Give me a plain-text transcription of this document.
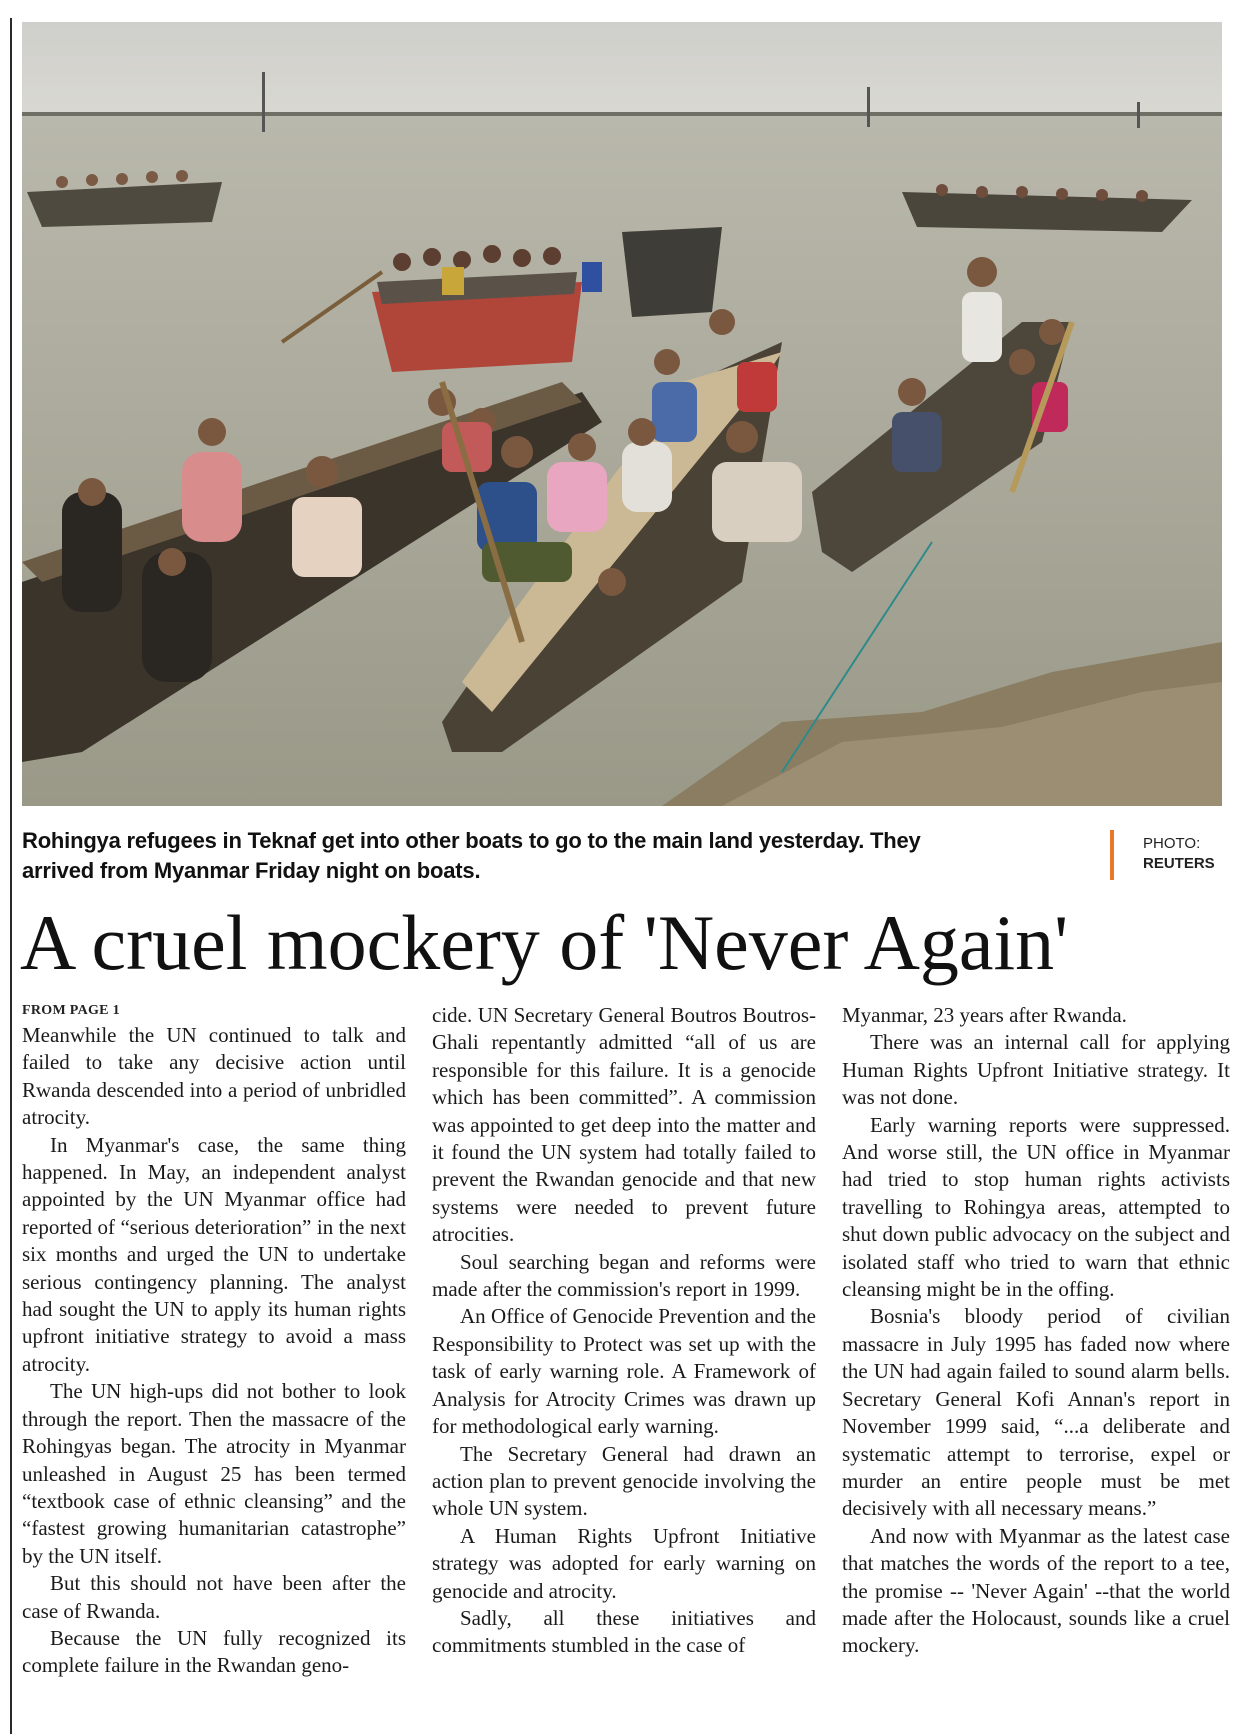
Rohingya refugees in Teknaf get into other boats to go to the main land yesterday. They arrived from Myanmar Friday night on boats.
PHOTO:
REUTERS
A cruel mockery of 'Never Again'
FROM PAGE 1

Meanwhile the UN continued to talk and failed to take any decisive action until Rwanda descended into a period of unbridled atrocity.

In Myanmar's case, the same thing happened. In May, an independent analyst appointed by the UN Myanmar office had reported of “serious deterioration” in the next six months and urged the UN to undertake serious contingency planning. The analyst had sought the UN to apply its human rights upfront initiative strategy to avoid a mass atrocity.

The UN high-ups did not bother to look through the report. Then the massacre of the Rohingyas began. The atrocity in Myanmar unleashed in August 25 has been termed “textbook case of ethnic cleansing” and the “fastest growing humanitarian catastrophe” by the UN itself.

But this should not have been after the case of Rwanda.

Because the UN fully recognized its complete failure in the Rwandan geno-

cide. UN Secretary General Boutros Boutros-Ghali repentantly admitted “all of us are responsible for this failure. It is a genocide which has been committed”. A commission was appointed to get deep into the matter and it found the UN system had totally failed to prevent the Rwandan genocide and that new systems were needed to prevent future atrocities.

Soul searching began and reforms were made after the commission's report in 1999.

An Office of Genocide Prevention and the Responsibility to Protect was set up with the task of early warning role. A Framework of Analysis for Atrocity Crimes was drawn up for methodological early warning.

The Secretary General had drawn an action plan to prevent genocide involving the whole UN system.

A Human Rights Upfront Initiative strategy was adopted for early warning on genocide and atrocity.

Sadly, all these initiatives and commitments stumbled in the case of

Myanmar, 23 years after Rwanda.

There was an internal call for applying Human Rights Upfront Initiative strategy. It was not done.

Early warning reports were suppressed. And worse still, the UN office in Myanmar had tried to stop human rights activists travelling to Rohingya areas, attempted to shut down public advocacy on the subject and isolated staff who tried to warn that ethnic cleansing might be in the offing.

Bosnia's bloody period of civilian massacre in July 1995 has faded now where the UN had again failed to sound alarm bells. Secretary General Kofi Annan's report in November 1999 said, “...a deliberate and systematic attempt to terrorise, expel or murder an entire people must be met decisively with all necessary means.”

And now with Myanmar as the latest case that matches the words of the report to a tee, the promise -- 'Never Again' --that the world made after the Holocaust, sounds like a cruel mockery.
